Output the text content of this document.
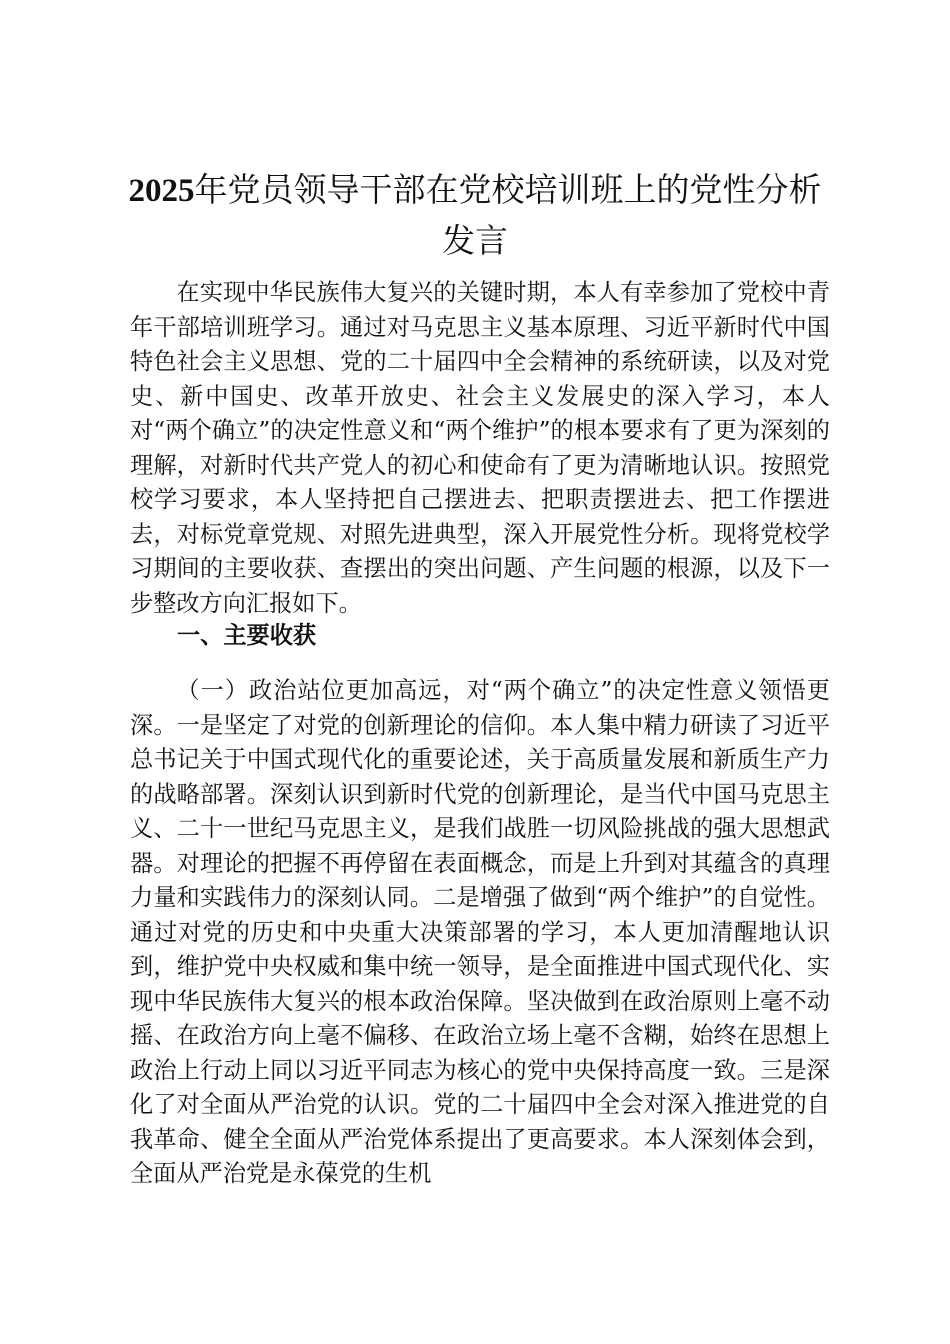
2025年党员领导干部在党校培训班上的党性分析发言

在实现中华民族伟大复兴的关键时期，本人有幸参加了党校中青年干部培训班学习。通过对马克思主义基本原理、习近平新时代中国特色社会主义思想、党的二十届四中全会精神的系统研读，以及对党史、新中国史、改革开放史、社会主义发展史的深入学习，本人对“两个确立”的决定性意义和“两个维护”的根本要求有了更为深刻的理解，对新时代共产党人的初心和使命有了更为清晰地认识。按照党校学习要求，本人坚持把自己摆进去、把职责摆进去、把工作摆进去，对标党章党规、对照先进典型，深入开展党性分析。现将党校学习期间的主要收获、查摆出的突出问题、产生问题的根源，以及下一步整改方向汇报如下。

一、主要收获

（一）政治站位更加高远，对“两个确立”的决定性意义领悟更深。一是坚定了对党的创新理论的信仰。本人集中精力研读了习近平总书记关于中国式现代化的重要论述，关于高质量发展和新质生产力的战略部署。深刻认识到新时代党的创新理论，是当代中国马克思主义、二十一世纪马克思主义，是我们战胜一切风险挑战的强大思想武器。对理论的把握不再停留在表面概念，而是上升到对其蕴含的真理力量和实践伟力的深刻认同。二是增强了做到“两个维护”的自觉性。通过对党的历史和中央重大决策部署的学习，本人更加清醒地认识到，维护党中央权威和集中统一领导，是全面推进中国式现代化、实现中华民族伟大复兴的根本政治保障。坚决做到在政治原则上毫不动摇、在政治方向上毫不偏移、在政治立场上毫不含糊，始终在思想上政治上行动上同以习近平同志为核心的党中央保持高度一致。三是深化了对全面从严治党的认识。党的二十届四中全会对深入推进党的自我革命、健全全面从严治党体系提出了更高要求。本人深刻体会到，全面从严治党是永葆党的生机
